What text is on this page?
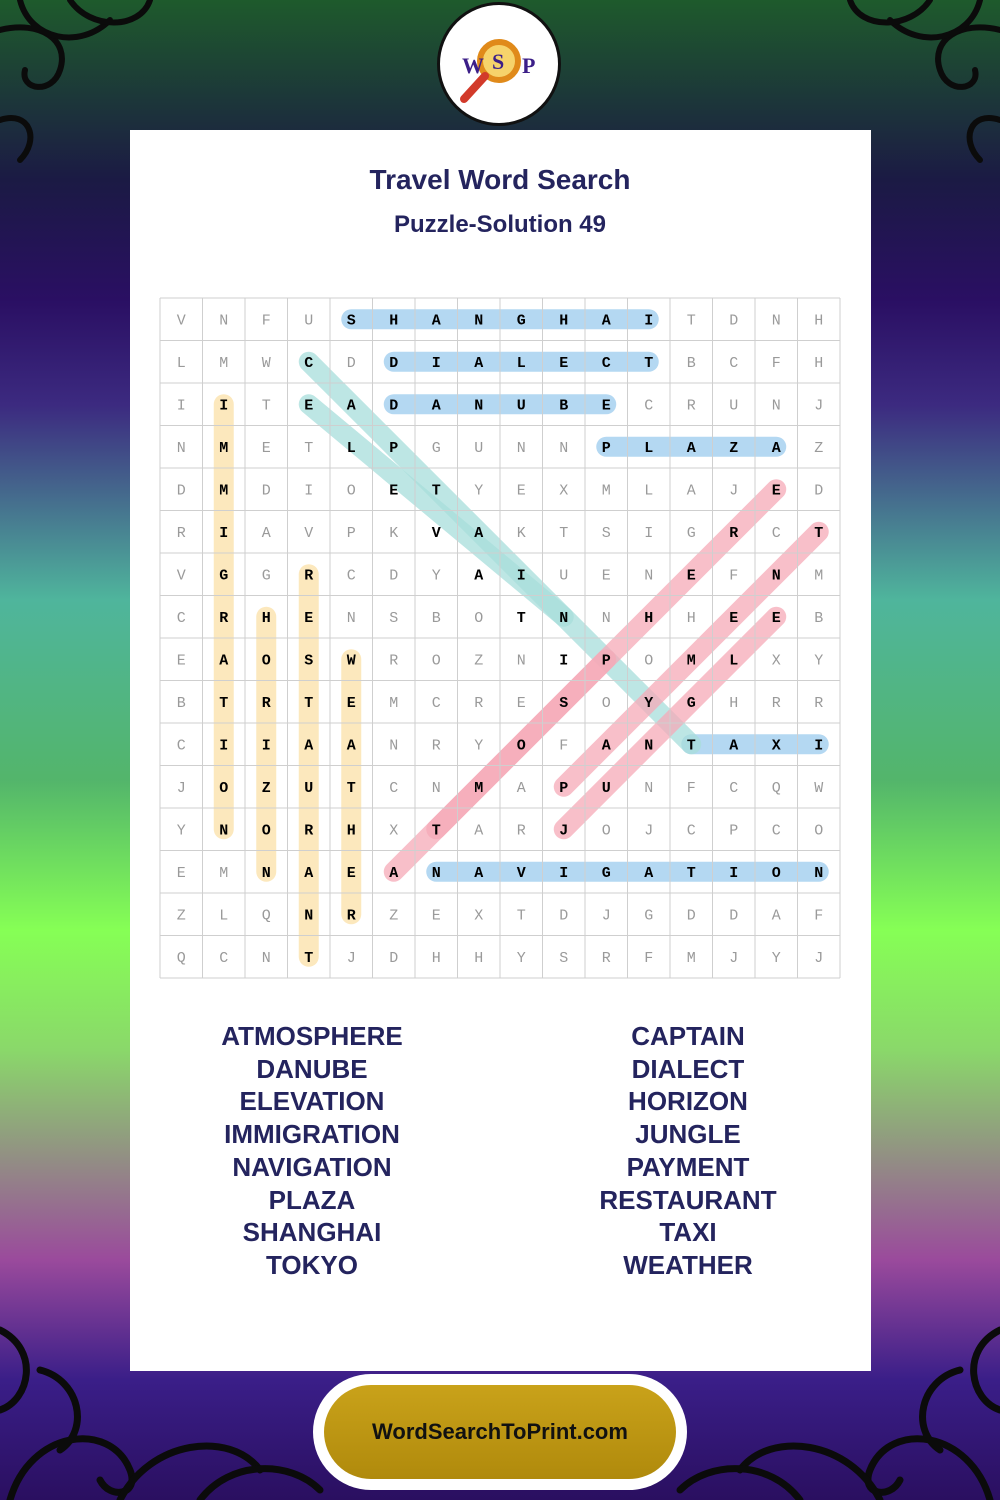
W S P
Travel Word Search
Puzzle-Solution 49
V N F U S H A N G H A I T D N H
L M W C D D I A L E C T B C F H
I I T E A D A N U B E C R U N J
N M E T L P G U N N P L A Z A Z
D M D I O E T Y E X M L A J E D
R I A V P K V A K T S I G R C T
V G G R C D Y A I U E N E F N M
C R H E N S B O T N N H H E E B
E A O S W R O Z N I P O M L X Y
B T R T E M C R E S O Y G H R R
C I I A A N R Y O F A N T A X I
J O Z U T C N M A P U N F C Q W
Y N O R H X T A R J O J C P C O
E M N A E A N A V I G A T I O N
Z L Q N R Z E X T D J G D D A F
Q C N T J D H H Y S R F M J Y J
ATMOSPHERE
DANUBE
ELEVATION
IMMIGRATION
NAVIGATION
PLAZA
SHANGHAI
TOKYO
CAPTAIN
DIALECT
HORIZON
JUNGLE
PAYMENT
RESTAURANT
TAXI
WEATHER
WordSearchToPrint.com
